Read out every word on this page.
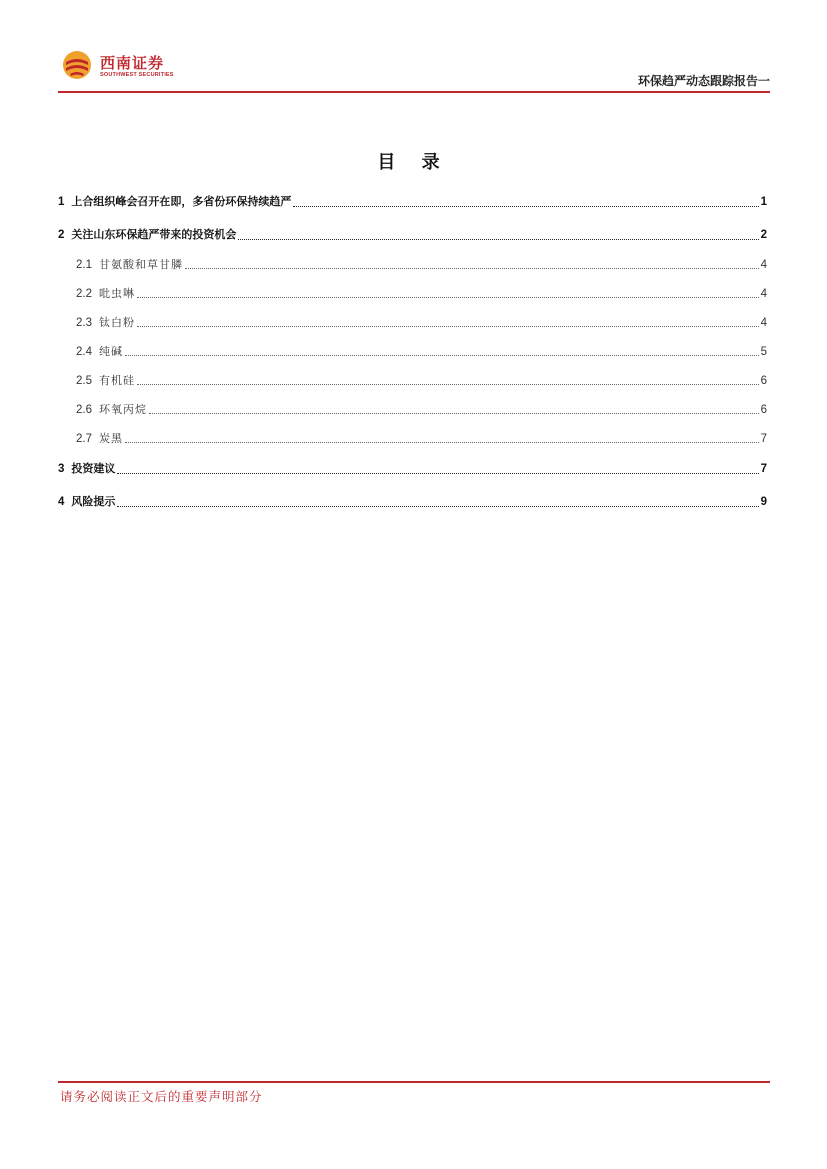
西南证券
SOUTHWEST SECURITIES	环保趋严动态跟踪报告一
目 录
1 上合组织峰会召开在即，多省份环保持续趋严	1
2 关注山东环保趋严带来的投资机会	2
2.1 甘氨酸和草甘膦	4
2.2 吡虫啉	4
2.3 钛白粉	4
2.4 纯碱	5
2.5 有机硅	6
2.6 环氧丙烷	6
2.7 炭黑	7
3 投资建议	7
4 风险提示	9
请务必阅读正文后的重要声明部分
